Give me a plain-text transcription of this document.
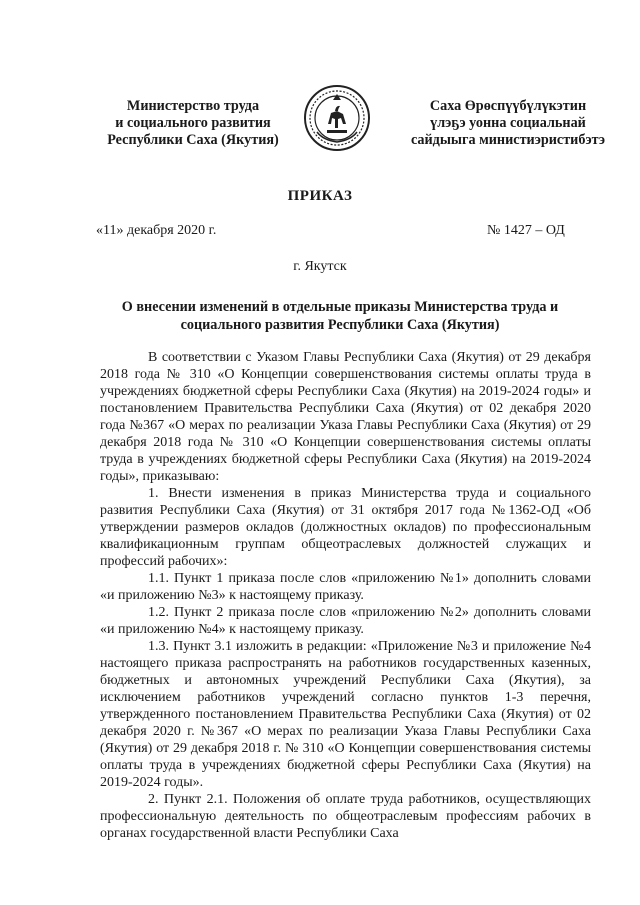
Министерство труда
и социального развития
Республики Саха (Якутия)
Саха Өрөспүүбүлүкэтин
үлэҕэ уонна социальнай
сайдыыга министиэристибэтэ
ПРИКАЗ
«11» декабря 2020 г.	№ 1427 – ОД
г. Якутск
О внесении изменений в отдельные приказы Министерства труда и социального развития Республики Саха (Якутия)

В соответствии с Указом Главы Республики Саха (Якутия) от 29 декабря 2018 года № 310 «О Концепции совершенствования системы оплаты труда в учреждениях бюджетной сферы Республики Саха (Якутия) на 2019-2024 годы» и постановлением Правительства Республики Саха (Якутия) от 02 декабря 2020 года №367 «О мерах по реализации Указа Главы Республики Саха (Якутия) от 29 декабря 2018 года № 310 «О Концепции совершенствования системы оплаты труда в учреждениях бюджетной сферы Республики Саха (Якутия) на 2019-2024 годы», приказываю:

1. Внести изменения в приказ Министерства труда и социального развития Республики Саха (Якутия) от 31 октября 2017 года №1362-ОД «Об утверждении размеров окладов (должностных окладов) по профессиональным квалификационным группам общеотраслевых должностей служащих и профессий рабочих»:

1.1. Пункт 1 приказа после слов «приложению №1» дополнить словами «и приложению №3» к настоящему приказу.

1.2. Пункт 2 приказа после слов «приложению №2» дополнить словами «и приложению №4» к настоящему приказу.

1.3. Пункт 3.1 изложить в редакции: «Приложение №3 и приложение №4 настоящего приказа распространять на работников государственных казенных, бюджетных и автономных учреждений Республики Саха (Якутия), за исключением работников учреждений согласно пунктов 1-3 перечня, утвержденного постановлением Правительства Республики Саха (Якутия) от 02 декабря 2020 г. №367 «О мерах по реализации Указа Главы Республики Саха (Якутия) от 29 декабря 2018 г. № 310 «О Концепции совершенствования системы оплаты труда в учреждениях бюджетной сферы Республики Саха (Якутия) на 2019-2024 годы».

2. Пункт 2.1. Положения об оплате труда работников, осуществляющих профессиональную деятельность по общеотраслевым профессиям рабочих в органах государственной власти Республики Саха
